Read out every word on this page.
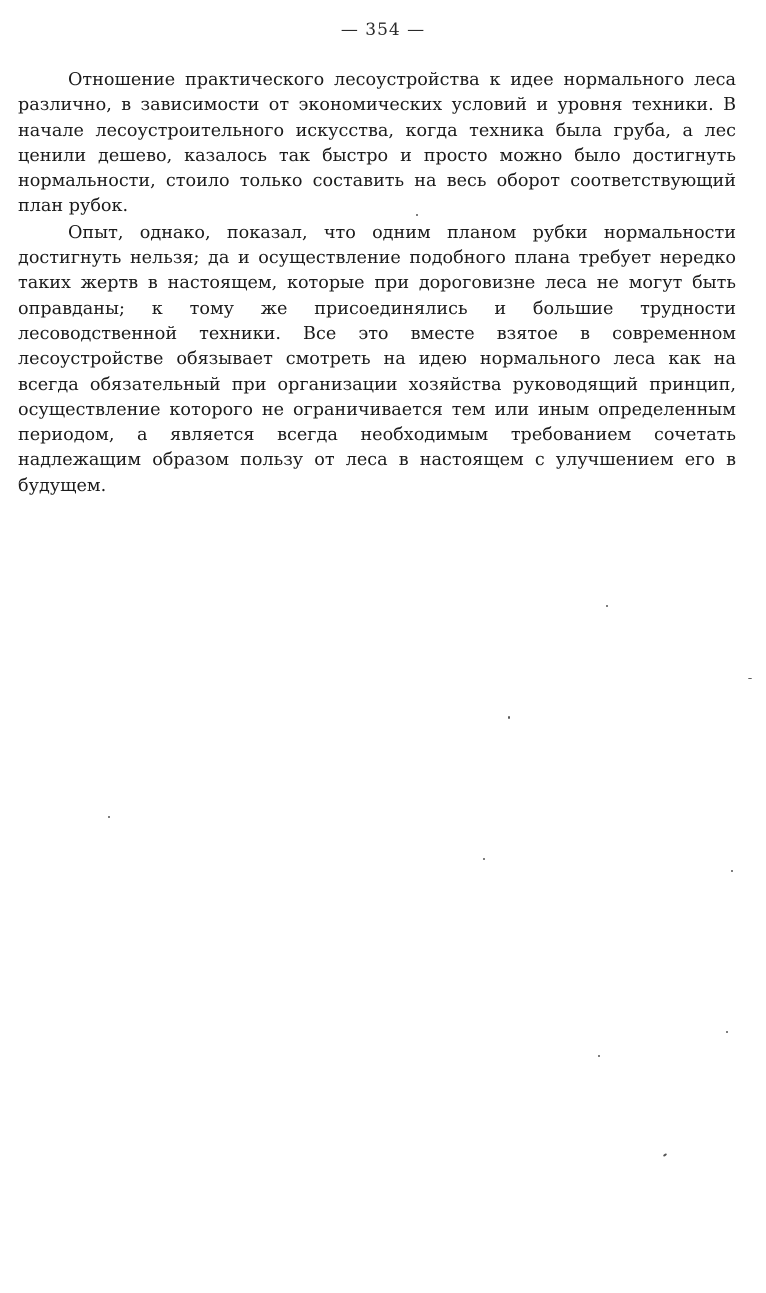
— 354 —

Отношение практического лесоустройства к идее нормального леса различно, в зависимости от экономических условий и уровня техники. В начале лесоустроительного искусства, когда техника была груба, а лес ценили дешево, казалось так быстро и просто можно было достигнуть нормальности, стоило только составить на весь оборот соответствующий план рубок.

Опыт, однако, показал, что одним планом рубки нормальности достигнуть нельзя; да и осуществление подобного плана требует нередко таких жертв в настоящем, которые при дороговизне леса не могут быть оправданы; к тому же присоединялись и большие трудности лесоводственной техники. Все это вместе взятое в современном лесоустройстве обязывает смотреть на идею нормального леса как на всегда обязательный при организации хозяйства руководящий принцип, осуществление которого не ограничивается тем или иным определенным периодом, а является всегда необходимым требованием сочетать надлежащим образом пользу от леса в настоящем с улучшением его в будущем.
